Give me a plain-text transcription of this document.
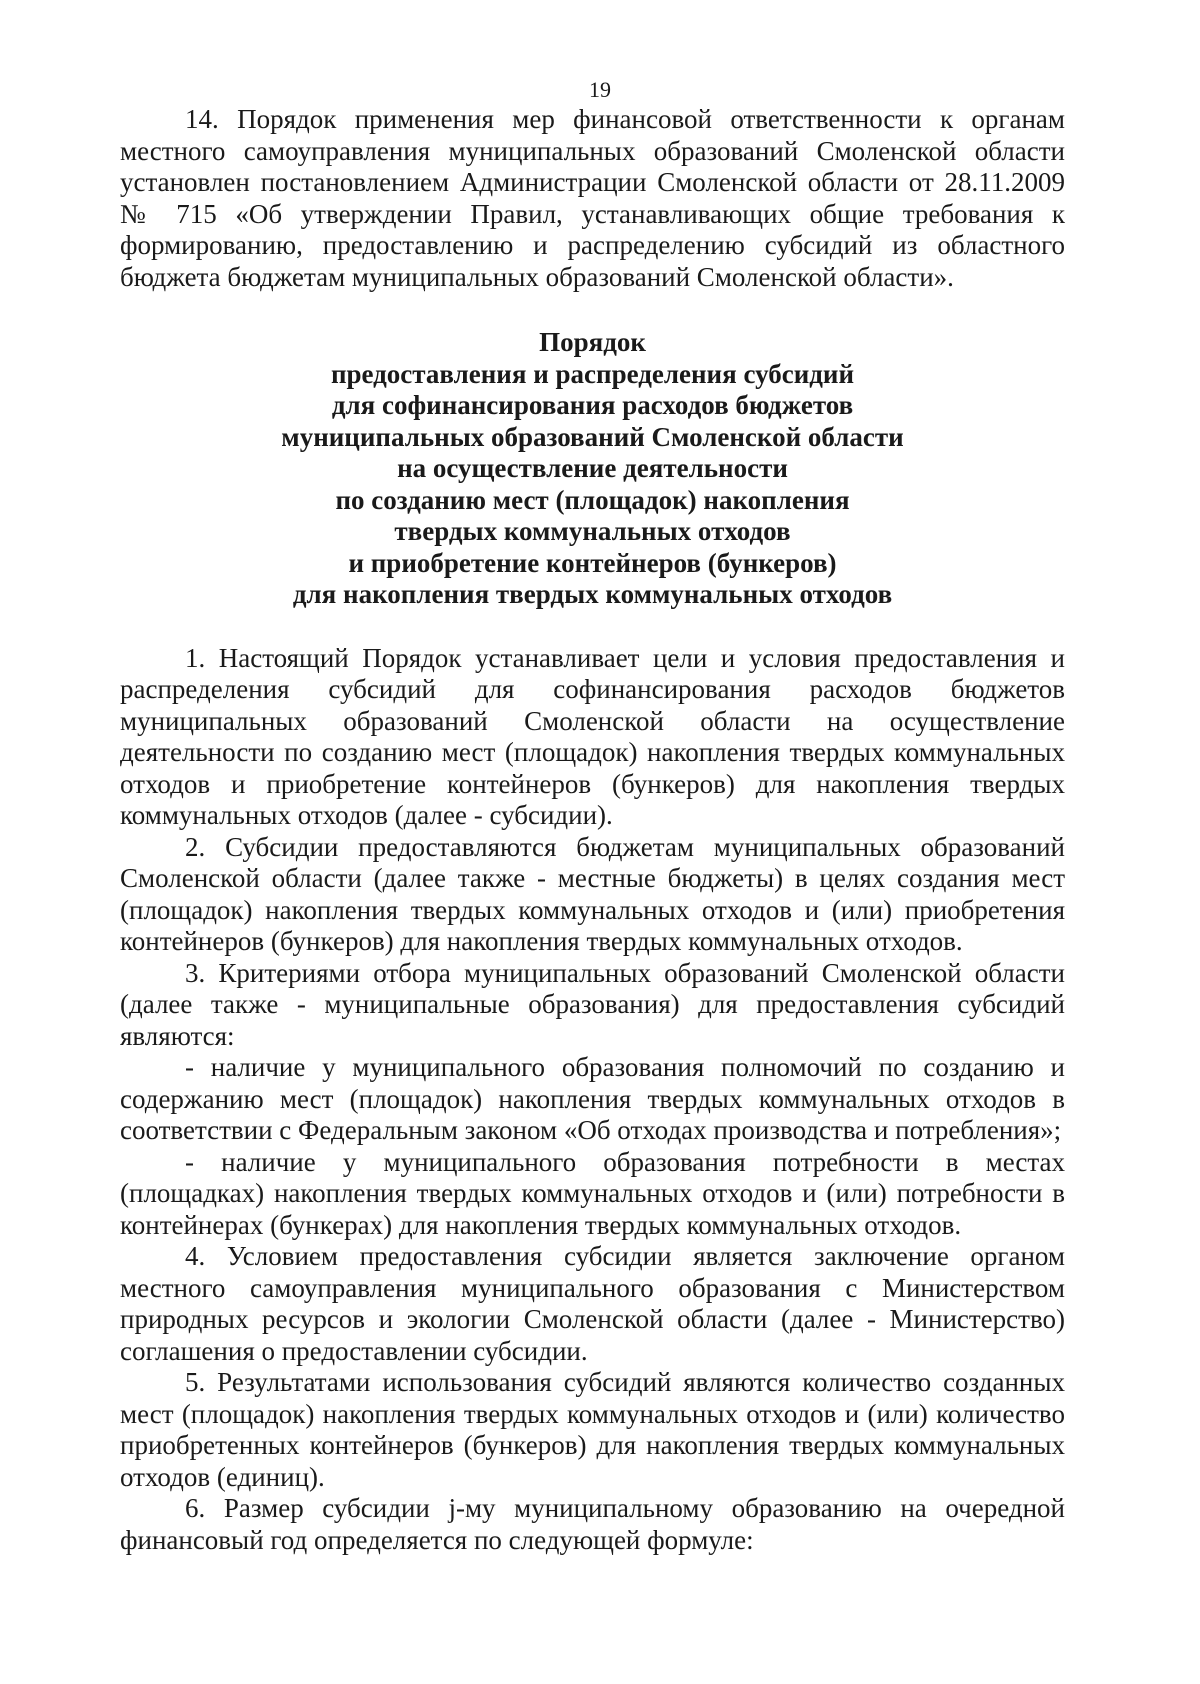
19

14. Порядок применения мер финансовой ответственности к органам местного самоуправления муниципальных образований Смоленской области установлен постановлением Администрации Смоленской области от 28.11.2009 № 715 «Об утверждении Правил, устанавливающих общие требования к формированию, предоставлению и распределению субсидий из областного бюджета бюджетам муниципальных образований Смоленской области».

Порядок
предоставления и распределения субсидий
для софинансирования расходов бюджетов
муниципальных образований Смоленской области
на осуществление деятельности
по созданию мест (площадок) накопления
твердых коммунальных отходов
и приобретение контейнеров (бункеров)
для накопления твердых коммунальных отходов

1. Настоящий Порядок устанавливает цели и условия предоставления и распределения субсидий для софинансирования расходов бюджетов муниципальных образований Смоленской области на осуществление деятельности по созданию мест (площадок) накопления твердых коммунальных отходов и приобретение контейнеров (бункеров) для накопления твердых коммунальных отходов (далее - субсидии).

2. Субсидии предоставляются бюджетам муниципальных образований Смоленской области (далее также - местные бюджеты) в целях создания мест (площадок) накопления твердых коммунальных отходов и (или) приобретения контейнеров (бункеров) для накопления твердых коммунальных отходов.

3. Критериями отбора муниципальных образований Смоленской области (далее также - муниципальные образования) для предоставления субсидий являются:

- наличие у муниципального образования полномочий по созданию и содержанию мест (площадок) накопления твердых коммунальных отходов в соответствии с Федеральным законом «Об отходах производства и потребления»;

- наличие у муниципального образования потребности в местах (площадках) накопления твердых коммунальных отходов и (или) потребности в контейнерах (бункерах) для накопления твердых коммунальных отходов.

4. Условием предоставления субсидии является заключение органом местного самоуправления муниципального образования с Министерством природных ресурсов и экологии Смоленской области (далее - Министерство) соглашения о предоставлении субсидии.

5. Результатами использования субсидий являются количество созданных мест (площадок) накопления твердых коммунальных отходов и (или) количество приобретенных контейнеров (бункеров) для накопления твердых коммунальных отходов (единиц).

6. Размер субсидии j-му муниципальному образованию на очередной финансовый год определяется по следующей формуле:
